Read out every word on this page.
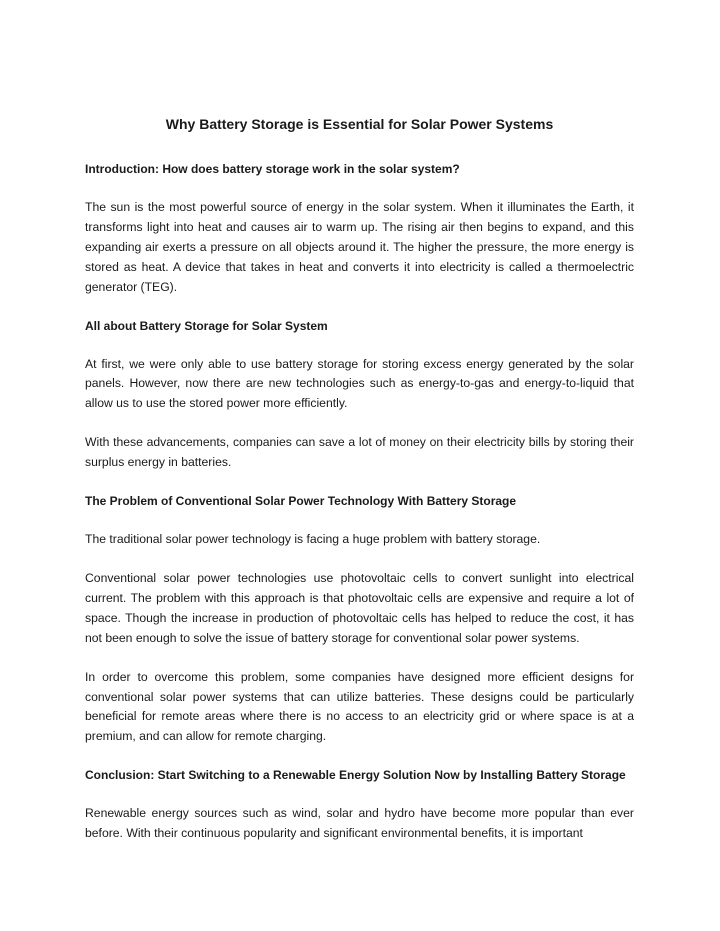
Why Battery Storage is Essential for Solar Power Systems
Introduction: How does battery storage work in the solar system?

The sun is the most powerful source of energy in the solar system. When it illuminates the Earth, it transforms light into heat and causes air to warm up. The rising air then begins to expand, and this expanding air exerts a pressure on all objects around it. The higher the pressure, the more energy is stored as heat. A device that takes in heat and converts it into electricity is called a thermoelectric generator (TEG).

All about Battery Storage for Solar System

At first, we were only able to use battery storage for storing excess energy generated by the solar panels. However, now there are new technologies such as energy-to-gas and energy-to-liquid that allow us to use the stored power more efficiently.

With these advancements, companies can save a lot of money on their electricity bills by storing their surplus energy in batteries.

The Problem of Conventional Solar Power Technology With Battery Storage

The traditional solar power technology is facing a huge problem with battery storage.

Conventional solar power technologies use photovoltaic cells to convert sunlight into electrical current. The problem with this approach is that photovoltaic cells are expensive and require a lot of space. Though the increase in production of photovoltaic cells has helped to reduce the cost, it has not been enough to solve the issue of battery storage for conventional solar power systems.

In order to overcome this problem, some companies have designed more efficient designs for conventional solar power systems that can utilize batteries. These designs could be particularly beneficial for remote areas where there is no access to an electricity grid or where space is at a premium, and can allow for remote charging.

Conclusion: Start Switching to a Renewable Energy Solution Now by Installing Battery Storage

Renewable energy sources such as wind, solar and hydro have become more popular than ever before. With their continuous popularity and significant environmental benefits, it is important
